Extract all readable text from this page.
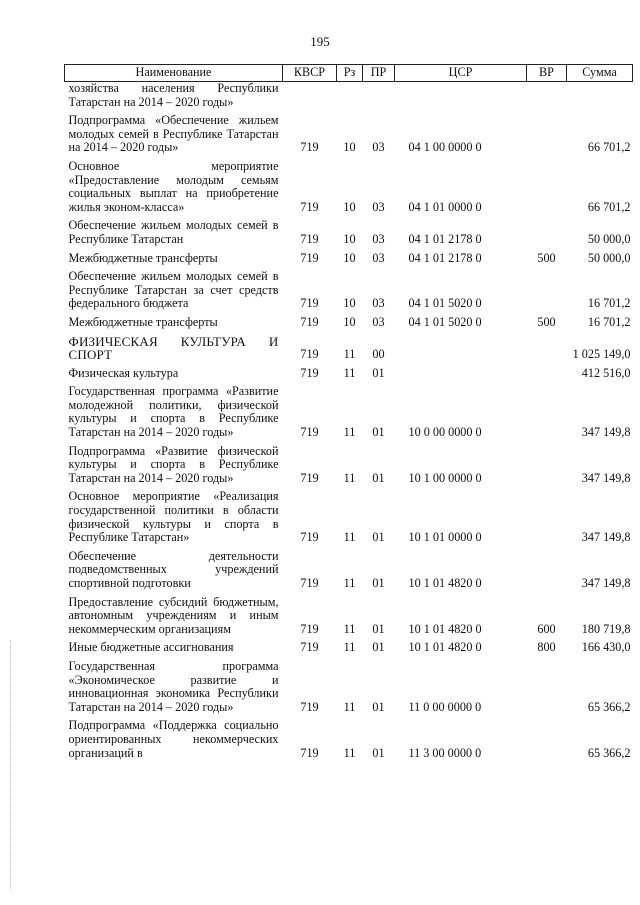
195
Наименование	КВСР	Рз	ПР	ЦСР	ВР	Сумма
хозяйства населения Республики Татарстан на 2014 – 2020 годы»						
Подпрограмма «Обеспечение жильем молодых семей в Республике Татарстан на 2014 – 2020 годы»	719	10	03	04 1 00 0000 0		66 701,2
Основное мероприятие «Предоставление молодым семьям социальных выплат на приобретение жилья эконом-класса»	719	10	03	04 1 01 0000 0		66 701,2
Обеспечение жильем молодых семей в Республике Татарстан	719	10	03	04 1 01 2178 0		50 000,0
Межбюджетные трансферты	719	10	03	04 1 01 2178 0	500	50 000,0
Обеспечение жильем молодых семей в Республике Татарстан за счет средств федерального бюджета	719	10	03	04 1 01 5020 0		16 701,2
Межбюджетные трансферты	719	10	03	04 1 01 5020 0	500	16 701,2
ФИЗИЧЕСКАЯ КУЛЬТУРА И СПОРТ	719	11	00			1 025 149,0
Физическая культура	719	11	01			412 516,0
Государственная программа «Развитие молодежной политики, физической культуры и спорта в Республике Татарстан на 2014 – 2020 годы»	719	11	01	10 0 00 0000 0		347 149,8
Подпрограмма «Развитие физической культуры и спорта в Республике Татарстан на 2014 – 2020 годы»	719	11	01	10 1 00 0000 0		347 149,8
Основное мероприятие «Реализация государственной политики в области физической культуры и спорта в Республике Татарстан»	719	11	01	10 1 01 0000 0		347 149,8
Обеспечение деятельности подведомственных учреждений спортивной подготовки	719	11	01	10 1 01 4820 0		347 149,8
Предоставление субсидий бюджетным, автономным учреждениям и иным некоммерческим организациям	719	11	01	10 1 01 4820 0	600	180 719,8
Иные бюджетные ассигнования	719	11	01	10 1 01 4820 0	800	166 430,0
Государственная программа «Экономическое развитие и инновационная экономика Республики Татарстан на 2014 – 2020 годы»	719	11	01	11 0 00 0000 0		65 366,2
Подпрограмма «Поддержка социально ориентированных некоммерческих организаций в	719	11	01	11 3 00 0000 0		65 366,2
